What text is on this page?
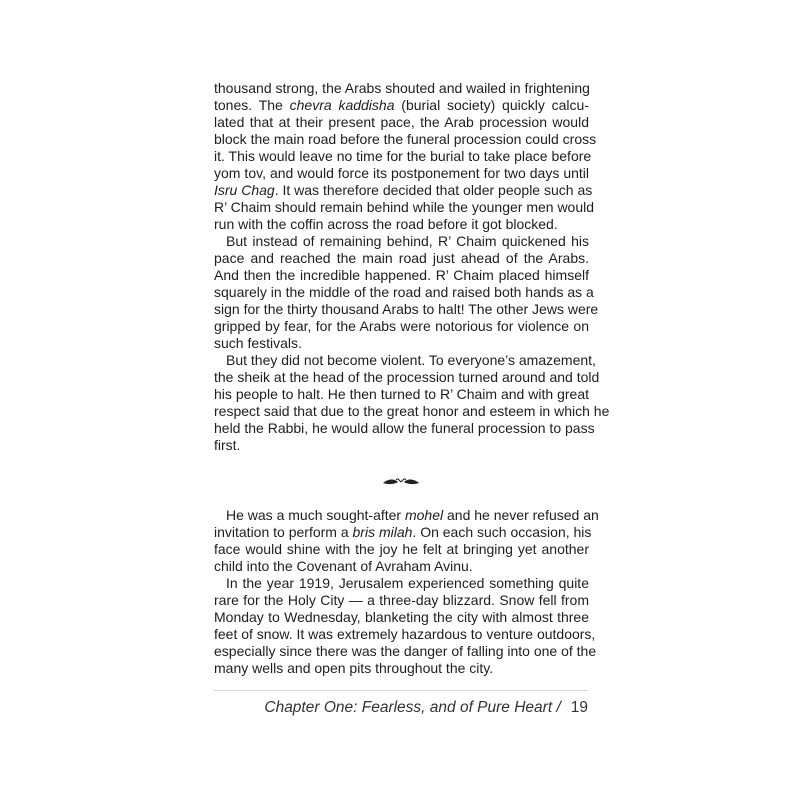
thousand strong, the Arabs shouted and wailed in frightening
tones. The chevra kaddisha (burial society) quickly calcu-
lated that at their present pace, the Arab procession would
block the main road before the funeral procession could cross
it. This would leave no time for the burial to take place before
yom tov, and would force its postponement for two days until
Isru Chag. It was therefore decided that older people such as
R’ Chaim should remain behind while the younger men would
run with the coffin across the road before it got blocked.
But instead of remaining behind, R’ Chaim quickened his
pace and reached the main road just ahead of the Arabs.
And then the incredible happened. R’ Chaim placed himself
squarely in the middle of the road and raised both hands as a
sign for the thirty thousand Arabs to halt! The other Jews were
gripped by fear, for the Arabs were notorious for violence on
such festivals.
But they did not become violent. To everyone’s amazement,
the sheik at the head of the procession turned around and told
his people to halt. He then turned to R’ Chaim and with great
respect said that due to the great honor and esteem in which he
held the Rabbi, he would allow the funeral procession to pass
first.
He was a much sought-after mohel and he never refused an
invitation to perform a bris milah. On each such occasion, his
face would shine with the joy he felt at bringing yet another
child into the Covenant of Avraham Avinu.
In the year 1919, Jerusalem experienced something quite
rare for the Holy City — a three-day blizzard. Snow fell from
Monday to Wednesday, blanketing the city with almost three
feet of snow. It was extremely hazardous to venture outdoors,
especially since there was the danger of falling into one of the
many wells and open pits throughout the city.
Chapter One: Fearless, and of Pure Heart / 19
